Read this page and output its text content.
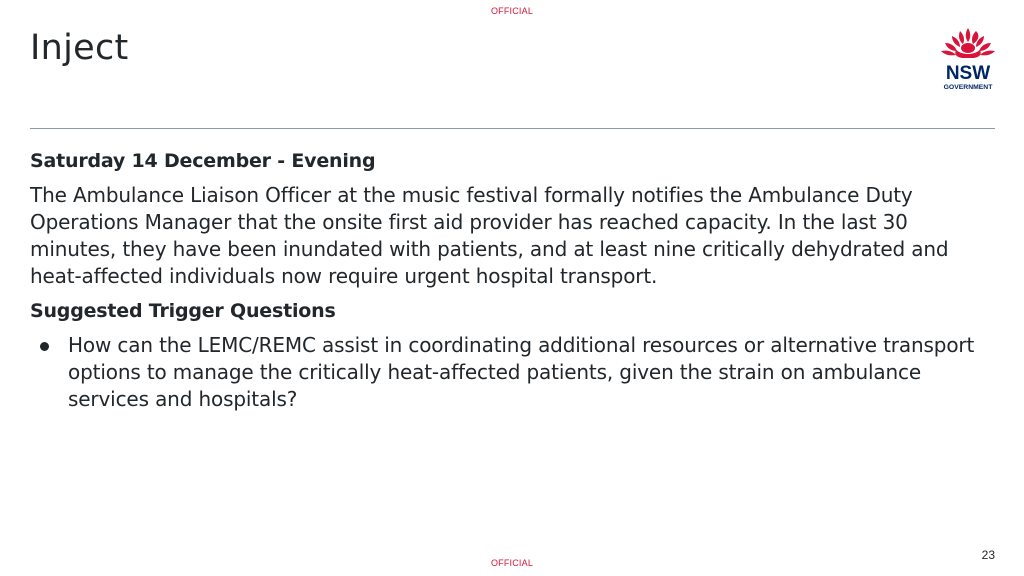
OFFICIAL
Inject
NSW
GOVERNMENT

Saturday 14 December - Evening

The Ambulance Liaison Officer at the music festival formally notifies the Ambulance Duty Operations Manager that the onsite first aid provider has reached capacity. In the last 30 minutes, they have been inundated with patients, and at least nine critically dehydrated and heat-affected individuals now require urgent hospital transport.

Suggested Trigger Questions

How can the LEMC/REMC assist in coordinating additional resources or alternative transport options to manage the critically heat-affected patients, given the strain on ambulance services and hospitals?
23
OFFICIAL
